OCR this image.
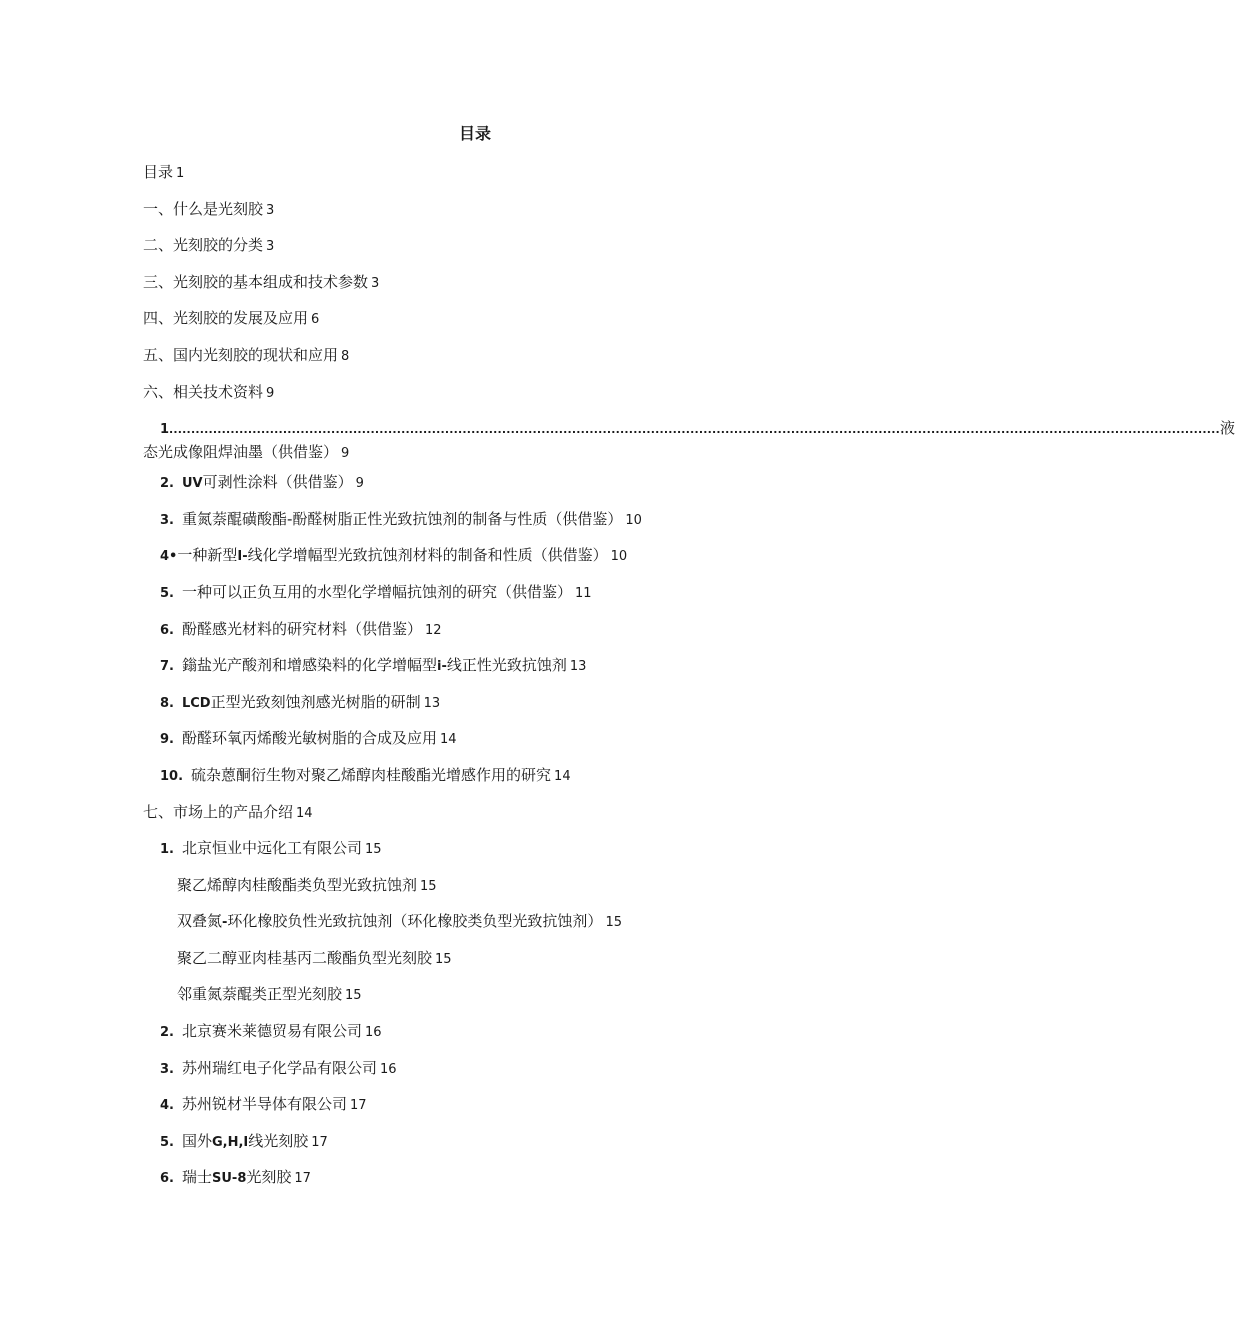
目录
目录 1
一、什么是光刻胶 3
二、光刻胶的分类 3
三、光刻胶的基本组成和技术参数 3
四、光刻胶的发展及应用 6
五、国内光刻胶的现状和应用 8
六、相关技术资料 9
1 ................................................................................................................................................................................................................................................ 液
态光成像阻焊油墨（供借鉴） 9
2. UV可剥性涂料（供借鉴） 9
3. 重氮萘醌磺酸酯-酚醛树脂正性光致抗蚀剂的制备与性质（供借鉴） 10
4•一种新型I-线化学增幅型光致抗蚀剂材料的制备和性质（供借鉴） 10
5. 一种可以正负互用的水型化学增幅抗蚀剂的研究（供借鉴） 11
6. 酚醛感光材料的研究材料（供借鉴） 12
7. 鎓盐光产酸剂和增感染料的化学增幅型i-线正性光致抗蚀剂 13
8. LCD正型光致刻蚀剂感光树脂的研制 13
9. 酚醛环氧丙烯酸光敏树脂的合成及应用 14
10. 硫杂蒽酮衍生物对聚乙烯醇肉桂酸酯光增感作用的研究 14
七、市场上的产品介绍 14
1. 北京恒业中远化工有限公司 15
聚乙烯醇肉桂酸酯类负型光致抗蚀剂 15
双叠氮-环化橡胶负性光致抗蚀剂（环化橡胶类负型光致抗蚀剂） 15
聚乙二醇亚肉桂基丙二酸酯负型光刻胶 15
邻重氮萘醌类正型光刻胶 15
2. 北京赛米莱德贸易有限公司 16
3. 苏州瑞红电子化学品有限公司 16
4. 苏州锐材半导体有限公司 17
5. 国外G,H,I线光刻胶 17
6. 瑞士SU-8光刻胶 17
